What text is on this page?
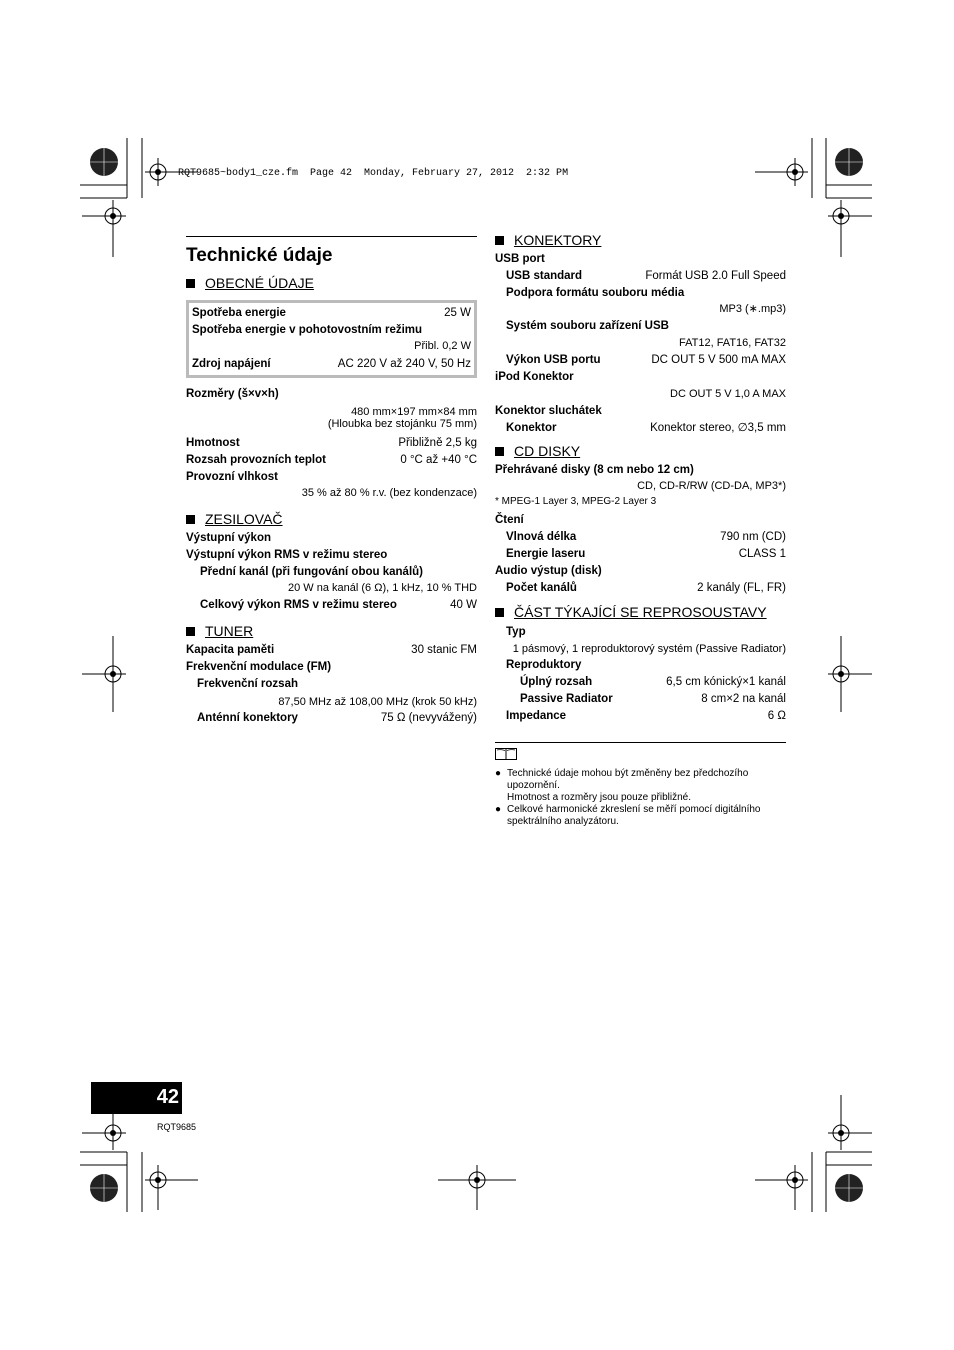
RQT9685~body1_cze.fm  Page 42  Monday, February 27, 2012  2:32 PM
Technické údaje
OBECNÉ ÚDAJE
Spotřeba energie	25 W
Spotřeba energie v pohotovostním režimu
Přibl. 0,2 W
Zdroj napájení	AC 220 V až 240 V, 50 Hz
Rozměry (š×v×h)
480 mm×197 mm×84 mm
(Hloubka bez stojánku 75 mm)
Hmotnost	Přibližně 2,5 kg
Rozsah provozních teplot	0 °C až +40 °C
Provozní vlhkost
35 % až 80 % r.v. (bez kondenzace)
ZESILOVAČ
Výstupní výkon
Výstupní výkon RMS v režimu stereo
Přední kanál (při fungování obou kanálů)
20 W na kanál (6 Ω), 1 kHz, 10 % THD
Celkový výkon RMS v režimu stereo	40 W
TUNER
Kapacita paměti	30 stanic FM
Frekvenční modulace (FM)
Frekvenční rozsah
87,50 MHz až 108,00 MHz (krok 50 kHz)
Anténní konektory	75 Ω (nevyvážený)
KONEKTORY
USB port
USB standard	Formát USB 2.0 Full Speed
Podpora formátu souboru média
MP3 (∗.mp3)
Systém souboru zařízení USB
FAT12, FAT16, FAT32
Výkon USB portu	DC OUT 5 V 500 mA MAX
iPod Konektor
DC OUT 5 V 1,0 A MAX
Konektor sluchátek
Konektor	Konektor stereo, ∅3,5 mm
CD DISKY
Přehrávané disky (8 cm nebo 12 cm)
CD, CD-R/RW (CD-DA, MP3*)
* MPEG-1 Layer 3, MPEG-2 Layer 3
Čtení
Vlnová délka	790 nm (CD)
Energie laseru	CLASS 1
Audio výstup (disk)
Počet kanálů	2 kanály (FL, FR)
ČÁST TÝKAJÍCÍ SE REPROSOUSTAVY
Typ
1 pásmový, 1 reproduktorový systém (Passive Radiator)
Reproduktory
Úplný rozsah	6,5 cm kónický×1 kanál
Passive Radiator	8 cm×2 na kanál
Impedance	6 Ω
● Technické údaje mohou být změněny bez předchozího upozornění.
Hmotnost a rozměry jsou pouze přibližné.
● Celkové harmonické zkreslení se měří pomocí digitálního spektrálního analyzátoru.
42
RQT9685
